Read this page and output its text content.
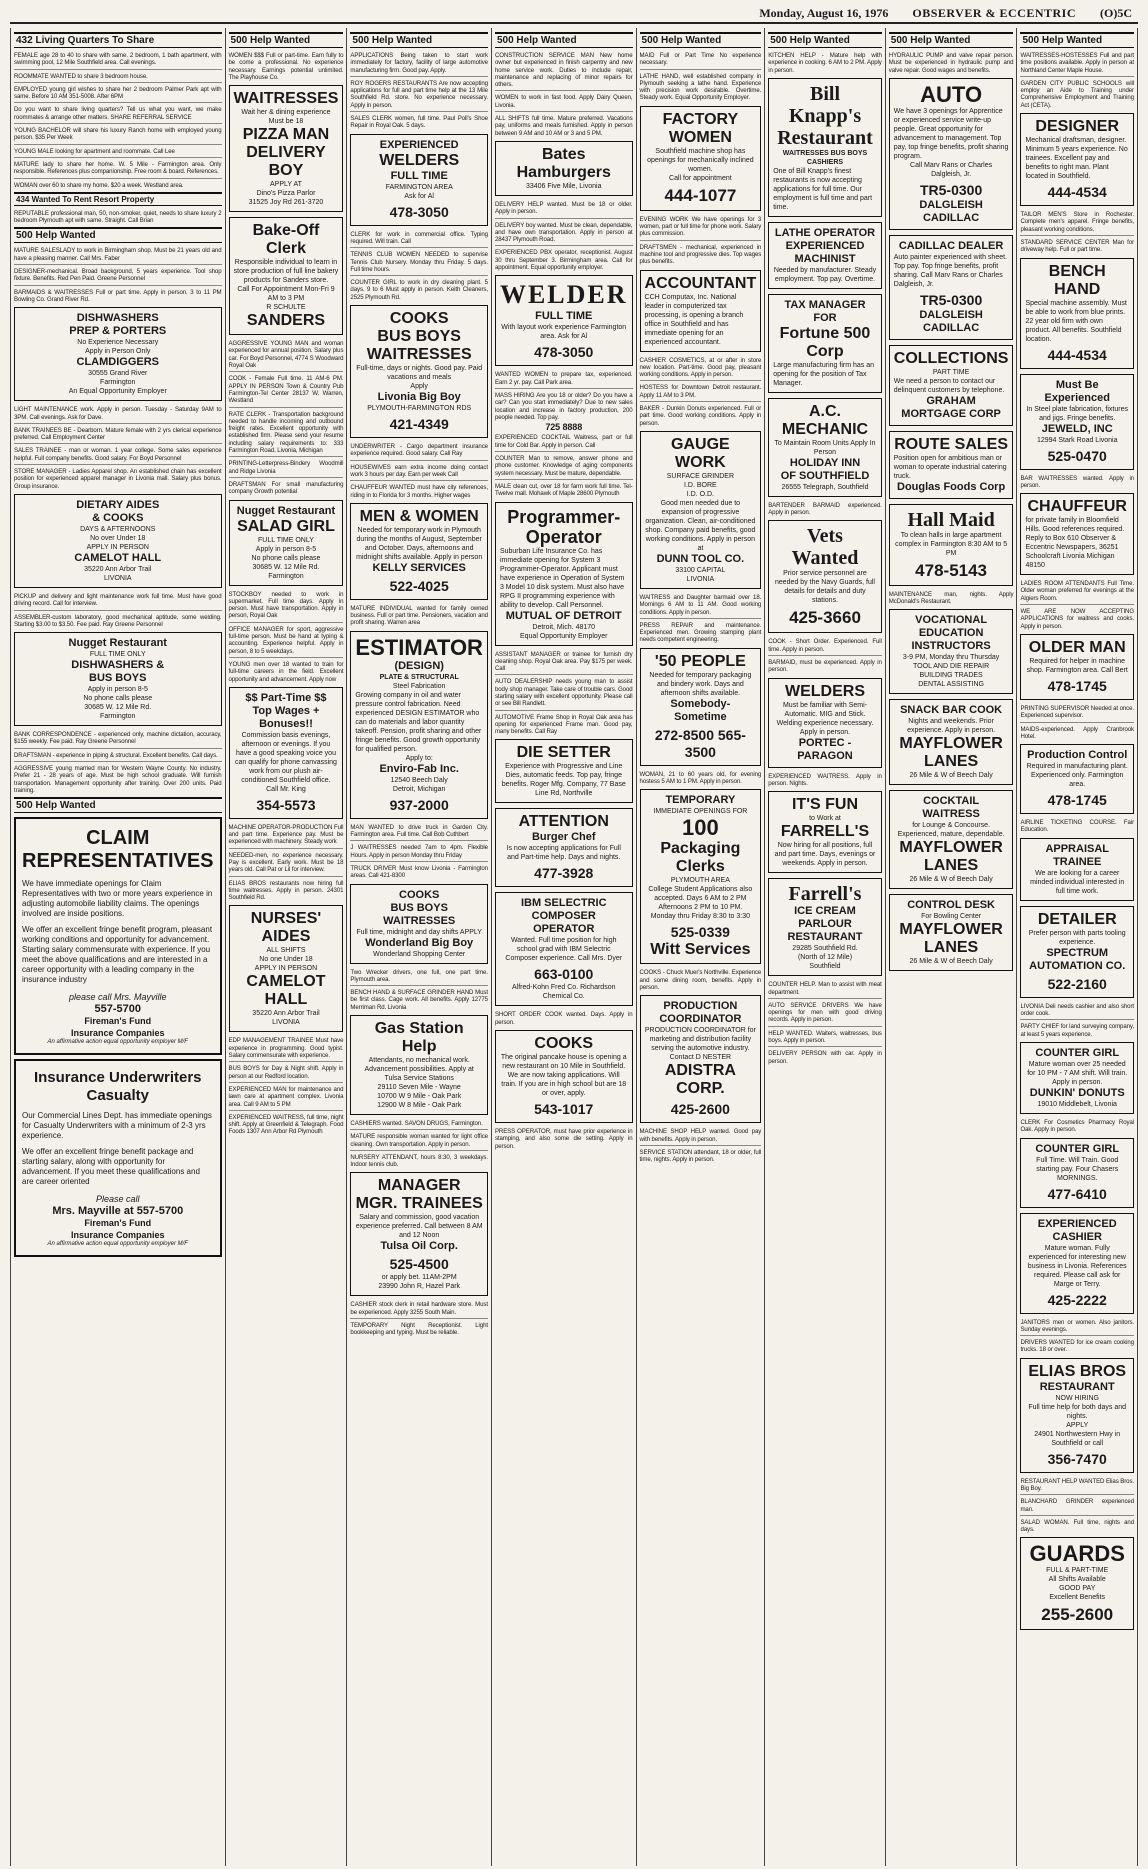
Monday, August 16, 1976 OBSERVER & ECCENTRIC (O)5C
432 Living Quarters To Share

FEMALE age 28 to 40 to share with same. 2 bedroom, 1 bath apartment, with swimming pool, 12 Mile Southfield area. Call evenings.

ROOMMATE WANTED to share 3 bedroom house.

EMPLOYED young girl wishes to share her 2 bedroom Palmer Park apt with same. Before 10 AM 351-5008. After 6PM

Do you want to share living quarters? Tell us what you want, we make roommates & arrange other matters. SHARE REFERRAL SERVICE

YOUNG BACHELOR will share his luxury Ranch home with employed young person. $35 Per Week

YOUNG MALE looking for apartment and roommate. Call Lee

MATURE lady to share her home. W. 5 Mile - Farmington area. Only responsible. References plus companionship. Free room & board. References.

WOMAN over 60 to share my home. $20 a week. Westland area.

434 Wanted To Rent Resort Property

REPUTABLE professional man, 50, non-smoker, quiet, needs to share luxury 2 bedroom Plymouth apt with same. Straight. Call Brian

500 Help Wanted

MATURE SALESLADY to work in Birmingham shop. Must be 21 years old and have a pleasing manner. Call Mrs. Faber

DESIGNER-mechanical. Broad background, 5 years experience. Tool shop fixture. Benefits. Red Pen Paid. Greene Personnel

BARMAIDS & WAITRESSES Full or part time. Apply in person. 3 to 11 PM Bowling Co. Grand River Rd.

DISHWASHERS
PREP & PORTERS
No Experience Necessary
Apply in Person Only
CLAMDIGGERS
30555 Grand River
Farmington
An Equal Opportunity Employer

LIGHT MAINTENANCE work. Apply in person. Tuesday - Saturday 9AM to 3PM. Call evenings. Ask for Dave.

BANK TRAINEES BE - Dearborn. Mature female with 2 yrs clerical experience preferred. Call Employment Center

SALES TRAINEE - man or woman. 1 year college. Some sales experience helpful. Full company benefits. Good salary. For Boyd Personnel

STORE MANAGER - Ladies Apparel shop. An established chain has excellent position for experienced apparel manager in Livonia mall. Salary plus bonus. Group insurance.

DIETARY AIDES
& COOKS
DAYS & AFTERNOONS
No over Under 18
APPLY IN PERSON
CAMELOT HALL
35220 Ann Arbor Trail
LIVONIA

PICKUP and delivery and light maintenance work full time. Must have good driving record. Call for interview.

ASSEMBLER-custom laboratory, good mechanical aptitude, some welding. Starting $3.00 to $3.50. Fee paid. Ray Greene Personnel

Nugget Restaurant
FULL TIME ONLY
DISHWASHERS &
BUS BOYS
Apply in person 8-5
No phone calls please
30685 W. 12 Mile Rd.
Farmington

BANK CORRESPONDENCE - experienced only, machine dictation, accuracy, $155 weekly. Fee paid. Ray Greene Personnel

DRAFTSMAN - experience in piping & structural. Excellent benefits. Call days.

AGGRESSIVE young married man for Western Wayne County. No industry. Prefer 21 - 28 years of age. Must be high school graduate. Will furnish transportation. Management opportunity after training. Over 200 units. Paid training.

500 Help Wanted
CLAIM
REPRESENTATIVES
We have immediate openings for Claim Representatives with two or more years experience in adjusting automobile liability claims. The openings involved are inside positions.
We offer an excellent fringe benefit program, pleasant working conditions and opportunity for advancement. Starting salary commensurate with experience. If you meet the above qualifications and are interested in a career opportunity with a leading company in the insurance industry
please call Mrs. Mayville
557-5700
Fireman's Fund
Insurance Companies
An affirmative action equal opportunity employer M/F
Insurance Underwriters
Casualty
Our Commercial Lines Dept. has immediate openings for Casualty Underwriters with a minimum of 2-3 yrs experience.
We offer an excellent fringe benefit package and starting salary, along with opportunity for advancement. If you meet these qualifications and are career oriented
Please call
Mrs. Mayville at 557-5700
Fireman's Fund
Insurance Companies
An affirmative action equal opportunity employer M/F
500 Help Wanted

WOMEN $$$ Full or part-time. Earn fully to be come a professional. No experience necessary. Earnings potential unlimited. The Playhouse Co.

WAITRESSES
Wait her & dining experience
Must be 18
PIZZA MAN
DELIVERY BOY
APPLY AT
Dino's Pizza Parlor
31525 Joy Rd 261-3720
Bake-Off Clerk
Responsible individual to learn in store production of full line bakery products for Sanders store.
Call For Appointment Mon-Fri 9 AM to 3 PM
R SCHULTE
SANDERS

AGGRESSIVE YOUNG MAN and woman experienced for annual position. Salary plus car. For Boyd Personnel, 4774 S Woodward Royal Oak

COOK - Female Full time. 11 AM-6 PM. APPLY IN PERSON Town & Country Pub Farmington-Tel Center 28137 W. Warren, Westland

RATE CLERK - Transportation background needed to handle incoming and outbound freight rates. Excellent opportunity with established firm. Please send your resume including salary requirements to: 333 Farmington Road, Livonia, Michigan

PRINTING-Letterpress-Bindery Woodmill and Ridge Livonia

DRAFTSMAN For small manufacturing company Growth potential

Nugget Restaurant
SALAD GIRL
FULL TIME ONLY
Apply in person 8-5
No phone calls please
30685 W. 12 Mile Rd.
Farmington

STOCKBOY needed to work in supermarket. Full time days. Apply in person. Must have transportation. Apply in person, Royal Oak

OFFICE MANAGER for sport, aggressive full-time person. Must be hand at typing & accounting. Experience helpful. Apply in person, 8 to 5 weekdays.

YOUNG men over 18 wanted to train for full-time careers in the field. Excellent opportunity and advancement. Apply now

$$ Part-Time $$
Top Wages + Bonuses!!
Commission basis evenings, afternoon or evenings. If you have a good speaking voice you can qualify for phone canvassing work from our plush air-conditioned Southfield office.
Call Mr. King
354-5573

MACHINE OPERATOR-PRODUCTION Full and part time. Experience pay. Must be experienced with machinery. Steady work

NEEDED-men, no experience necessary. Pay is excellent. Early work. Must be 18 years old. Call Pat or Lil for interview.

ELIAS BROS restaurants now hiring full time waitresses. Apply in person. 24301 Southfield Rd.

NURSES' AIDES
ALL SHIFTS
No one Under 18
APPLY IN PERSON
CAMELOT HALL
35220 Ann Arbor Trail
LIVONIA

EDP MANAGEMENT TRAINEE Must have experience in programming. Good typist. Salary commensurate with experience.

BUS BOYS for Day & Night shift. Apply in person at our Redford location.

EXPERIENCED MAN for maintenance and lawn care at apartment complex. Livonia area. Call 9 AM to 5 PM

EXPERIENCED WAITRESS, full time, night shift. Apply at Greenfield & Telegraph. Food Foods 1307 Ann Arbor Rd Plymouth

500 Help Wanted

APPLICATIONS Being taken to start work immediately for factory, facility of large automotive manufacturing firm. Good pay. Apply.

ROY ROGERS RESTAURANTS Are now accepting applications for full and part time help at the 13 Mile Southfield Rd. store. No experience necessary. Apply in person.

SALES CLERK women, full time. Paul Poll's Shoe Repair in Royal Oak. 5 days.

EXPERIENCED
WELDERS
FULL TIME
FARMINGTON AREA
Ask for Al
478-3050

CLERK for work in commercial office. Typing required. Will train. Call

TENNIS CLUB WOMEN NEEDED to supervise Tennis Club Nursery. Monday thru Friday. 5 days. Full time hours.

COUNTER GIRL to work in dry cleaning plant. 5 days. 9 to 6 Must apply in person. Keith Cleaners, 2525 Plymouth Rd.

COOKS
BUS BOYS
WAITRESSES
Full-time, days or nights. Good pay. Paid vacations and meals
Apply
Livonia Big Boy
PLYMOUTH-FARMINGTON RDS
421-4349

UNDERWRITER - Cargo department insurance experience required. Good salary. Call Ray

HOUSEWIVES earn extra income doing contact work 3 hours per day. Earn per week Call

CHAUFFEUR WANTED must have city references, riding in to Florida for 3 months. Higher wages

MEN & WOMEN
Needed for temporary work in Plymouth during the months of August, September and October. Days, afternoons and midnight shifts available. Apply in person
KELLY SERVICES
522-4025

MATURE INDIVIDUAL wanted for family owned business. Full or part time. Pensioners, vacation and profit sharing. Warren area

ESTIMATOR
(DESIGN)
PLATE & STRUCTURAL
Steel Fabrication
Growing company in oil and water pressure control fabrication. Need experienced DESIGN ESTIMATOR who can do materials and labor quantity takeoff. Pension, profit sharing and other fringe benefits. Good growth opportunity for qualified person.
Apply to:
Enviro-Fab Inc.
12540 Beech Daly
Detroit, Michigan
937-2000

MAN WANTED to drive truck in Garden City. Farmington area. Full time. Call Bob Cuthbert

J WAITRESSES needed 7am to 4pm. Flexible Hours. Apply in person Monday thru Friday

TRUCK DRIVER Must know Livonia - Farmington areas. Call 421-8300

COOKS
BUS BOYS
WAITRESSES
Full time, midnight and day shifts APPLY
Wonderland Big Boy
Wonderland Shopping Center

Two Wrecker drivers, one full, one part time. Plymouth area.

BENCH HAND & SURFACE GRINDER HAND Must be first class. Cage work. All benefits. Apply 12775 Merriman Rd. Livonia

Gas Station Help
Attendants, no mechanical work. Advancement possibilities. Apply at Tulsa Service Stations
29110 Seven Mile - Wayne
10700 W 9 Mile - Oak Park
12900 W 8 Mile - Oak Park

CASHIERS wanted. SAVON DRUGS, Farmington.

MATURE responsible woman wanted for light office cleaning. Own transportation. Apply in person.

NURSERY ATTENDANT, hours 8:30, 3 weekdays. Indoor tennis club.

MANAGER
MGR. TRAINEES
Salary and commission, good vacation experience preferred. Call between 8 AM and 12 Noon
Tulsa Oil Corp.
525-4500
or apply bet. 11AM-2PM
23990 John R, Hazel Park

CASHIER stock clerk in retail hardware store. Must be experienced. Apply 3255 South Main.

TEMPORARY Night Receptionist. Light bookkeeping and typing. Must be reliable.

500 Help Wanted

CONSTRUCTION SERVICE MAN New home owner but experienced in finish carpentry and new home service work. Duties to include repair, maintenance and replacing of minor repairs for others.

WOMEN to work in fast food. Apply Dairy Queen, Livonia.

ALL SHIFTS full time. Mature preferred. Vacations pay, uniforms and meals furnished. Apply in person between 9 AM and 10 AM or 3 and 5 PM.

Bates Hamburgers
33406 Five Mile, Livonia

DELIVERY HELP wanted. Must be 18 or older. Apply in person.

DELIVERY boy wanted. Must be clean, dependable, and have own transportation. Apply in person at 28437 Plymouth Road.

EXPERIENCED PBX operator, receptionist. August 30 thru September 3. Birmingham area. Call for appointment. Equal opportunity employer.

WELDER
FULL TIME
With layout work experience Farmington area. Ask for Al
478-3050

WANTED WOMEN to prepare tax, experienced. Earn 2 yr. pay. Call Park area.

MASS HIRING Are you 18 or older? Do you have a car? Can you start immediately? Due to new sales location and increase in factory production, 200 people needed. Top pay.

725 8888

EXPERIENCED COCKTAIL Waitress, part or full time for Cold Bar. Apply in person. Call

COUNTER Man to remove, answer phone and phone customer. Knowledge of aging components system necessary. Must be mature, dependable.

MALE clean cut, over 18 for farm work full time. Tel-Twelve mall. Mohawk of Maple 28600 Plymouth

Programmer-
Operator
Suburban Life Insurance Co. has immediate opening for System 3 Programmer-Operator. Applicant must have experience in Operation of System 3 Model 10 disk system. Must also have RPG II programming experience with ability to develop. Call Personnel.
MUTUAL OF DETROIT
Detroit, Mich. 48170
Equal Opportunity Employer

ASSISTANT MANAGER or trainee for furnish dry cleaning shop. Royal Oak area. Pay $175 per week. Call

AUTO DEALERSHIP needs young man to assist body shop manager. Take care of trouble cars. Good starting salary with excellent opportunity. Please call or see Bill Randlett.

AUTOMOTIVE Frame Shop in Royal Oak area has opening for experienced Frame man. Good pay, many benefits. Call Ray

DIE SETTER
Experience with Progressive and Line Dies, automatic feeds. Top pay, fringe benefits. Roger Mfg. Company, 77 Base Line Rd, Northville
ATTENTION
Burger Chef
Is now accepting applications for Full and Part-time help. Days and nights.
477-3928
IBM SELECTRIC
COMPOSER OPERATOR
Wanted. Full time position for high school grad with IBM Selectric Composer experience. Call Mrs. Dyer
663-0100
Alfred-Kohn Fred Co. Richardson Chemical Co.

SHORT ORDER COOK wanted. Days. Apply in person.

COOKS
The original pancake house is opening a new restaurant on 10 Mile in Southfield. We are now taking applications. Will train. If you are in high school but are 18 or over, apply.
543-1017

PRESS OPERATOR, must have prior experience in stamping, and also some die setting. Apply in person.

500 Help Wanted

MAID Full or Part Time No experience necessary.

LATHE HAND, well established company in Plymouth seeking a lathe hand. Experience with precision work desirable. Overtime. Steady work. Equal Opportunity Employer.

FACTORY
WOMEN
Southfield machine shop has openings for mechanically inclined women.
Call for appointment
444-1077

EVENING WORK We have openings for 3 women, part or full time for phone work. Salary plus commission.

DRAFTSMEN - mechanical, experienced in machine tool and progressive dies. Top wages plus benefits.

ACCOUNTANT
CCH Computax, Inc. National leader in computerized tax processing, is opening a branch office in Southfield and has immediate opening for an experienced accountant.

CASHIER COSMETICS, at or after in store new location. Part-time. Good pay, pleasant working conditions. Apply in person.

HOSTESS for Downtown Detroit restaurant. Apply 11 AM to 3 PM.

BAKER - Dunkin Donuts experienced. Full or part time. Good working conditions. Apply in person.

GAUGE WORK
SURFACE GRINDER
I.D. BORE
I.D. O.D.
Good men needed due to expansion of progressive organization. Clean, air-conditioned shop. Company paid benefits, good working conditions. Apply in person at
DUNN TOOL CO.
33100 CAPITAL
LIVONIA

WAITRESS and Daughter barmaid over 18. Mornings 6 AM to 11 AM. Good working conditions. Apply in person.

PRESS REPAIR and maintenance. Experienced men. Growing stamping plant needs competent engineering.

'50 PEOPLE
Needed for temporary packaging and bindery work. Days and afternoon shifts available.
Somebody-Sometime
272-8500 565-3500

WOMAN, 21 to 60 years old, for evening hostess 5 AM to 1 PM. Apply in person.

TEMPORARY
IMMEDIATE OPENINGS FOR
100
Packaging Clerks
PLYMOUTH AREA
College Student Applications also accepted. Days 6 AM to 2 PM Afternoons 2 PM to 10 PM.
Monday thru Friday 8:30 to 3:30
525-0339
Witt Services

COOKS - Chuck Muer's Northville. Experience and some dining room, benefits. Apply in person.

PRODUCTION
COORDINATOR
PRODUCTION COORDINATOR for marketing and distribution facility serving the automotive industry.
Contact D NESTER
ADISTRA CORP.
425-2600

MACHINE SHOP HELP wanted. Good pay with benefits. Apply in person.

SERVICE STATION attendant, 18 or older, full time, nights. Apply in person.

500 Help Wanted

KITCHEN HELP - Mature help with experience in cooking. 6 AM to 2 PM. Apply in person.

Bill Knapp's
Restaurant
WAITRESSES BUS BOYS CASHIERS
One of Bill Knapp's finest restaurants is now accepting applications for full time. Our employment is full time and part time.
LATHE OPERATOR
EXPERIENCED MACHINIST
Needed by manufacturer. Steady employment. Top pay. Overtime.
TAX MANAGER FOR
Fortune 500 Corp
Large manufacturing firm has an opening for the position of Tax Manager.
A.C. MECHANIC
To Maintain Room Units Apply In Person
HOLIDAY INN
OF SOUTHFIELD
26555 Telegraph, Southfield

BARTENDER BARMAID experienced. Apply in person.

Vets Wanted
Prior service personnel are needed by the Navy Guards, full details for details and duty stations.
425-3660

COOK - Short Order. Experienced. Full time. Apply in person.

BARMAID, must be experienced. Apply in person.

WELDERS
Must be familiar with Semi-Automatic. MIG and Stick. Welding experience necessary. Apply in person.
PORTEC - PARAGON

EXPERIENCED WAITRESS. Apply in person. Nights.

IT'S FUN
to Work at
FARRELL'S
Now hiring for all positions, full and part time. Days, evenings or weekends. Apply in person.
Farrell's
ICE CREAM
PARLOUR
RESTAURANT
29285 Southfield Rd.
(North of 12 Mile)
Southfield

COUNTER HELP. Man to assist with meat department.

AUTO SERVICE DRIVERS We have openings for men with good driving records. Apply in person.

HELP WANTED. Waiters, waitresses, bus boys. Apply in person.

DELIVERY PERSON with car. Apply in person.

500 Help Wanted

HYDRAULIC PUMP and valve repair person. Must be experienced in hydraulic pump and valve repair. Good wages and benefits.

AUTO
We have 3 openings for Apprentice or experienced service write-up people. Great opportunity for advancement to management. Top pay, top fringe benefits, profit sharing program.
Call Marv Rans or Charles Dalgleish, Jr.
TR5-0300
DALGLEISH CADILLAC
CADILLAC DEALER
Auto painter experienced with sheet. Top pay. Top fringe benefits, profit sharing. Call Marv Rans or Charles Dalgleish, Jr.
TR5-0300
DALGLEISH CADILLAC
COLLECTIONS
PART TIME
We need a person to contact our delinquent customers by telephone.
GRAHAM MORTGAGE CORP
ROUTE SALES
Position open for ambitious man or woman to operate industrial catering truck.
Douglas Foods Corp
Hall Maid
To clean halls in large apartment complex in Farmington 8:30 AM to 5 PM
478-5143

MAINTENANCE man, nights. Apply McDonald's Restaurant.

VOCATIONAL EDUCATION
INSTRUCTORS
3-9 PM, Monday thru Thursday
TOOL AND DIE REPAIR
BUILDING TRADES
DENTAL ASSISTING
SNACK BAR COOK
Nights and weekends. Prior experience. Apply in person.
MAYFLOWER LANES
26 Mile & W of Beech Daly
COCKTAIL
WAITRESS
for Lounge & Concourse. Experienced, mature, dependable.
MAYFLOWER LANES
26 Mile & W of Beech Daly
CONTROL DESK
For Bowling Center
MAYFLOWER LANES
26 Mile & W of Beech Daly
500 Help Wanted

WAITRESSES-HOSTESSES Full and part time positions available. Apply in person at Northland Center Maple House.

GARDEN CITY PUBLIC SCHOOLS will employ an Aide to Training under Comprehensive Employment and Training Act (CETA).

DESIGNER
Mechanical draftsman, designer. Minimum 5 years experience. No trainees. Excellent pay and benefits to right man. Plant located in Southfield.
444-4534

TAILOR MEN'S Store in Rochester. Complete men's apparel. Fringe benefits, pleasant working conditions.

STANDARD SERVICE CENTER Man for driveway help. Full or part time.

BENCH HAND
Special machine assembly. Must be able to work from blue prints. 22 year old firm with own product. All benefits. Southfield location.
444-4534
Must Be Experienced
In Steel plate fabrication, fixtures and jigs. Fringe benefits.
JEWELD, INC
12994 Stark Road Livonia
525-0470

BAR WAITRESSES wanted. Apply in person.

CHAUFFEUR
for private family in Bloomfield Hills. Good references required. Reply to Box 610 Observer & Eccentric Newspapers, 36251 Schoolcraft Livonia Michigan 48150

LADIES ROOM ATTENDANTS Full Time. Older woman preferred for evenings at the Algiers Room.

WE ARE NOW ACCEPTING APPLICATIONS for waitress and cooks. Apply in person.

OLDER MAN
Required for helper in machine shop. Farmington area. Call Bert
478-1745

PRINTING SUPERVISOR Needed at once. Experienced supervisor.

MAIDS-experienced. Apply Cranbrook Hotel.

Production Control
Required in manufacturing plant. Experienced only. Farmington area.
478-1745

AIRLINE TICKETING COURSE. Fair Education.

APPRAISAL TRAINEE
We are looking for a career minded individual interested in full time work.
DETAILER
Prefer person with parts tooling experience.
SPECTRUM
AUTOMATION CO.
522-2160

LIVONIA Deli needs cashier and also short order cook.

PARTY CHIEF for land surveying company, at least 5 years experience.

COUNTER GIRL
Mature woman over 25 needed for 10 PM - 7 AM shift. Will train. Apply in person.
DUNKIN' DONUTS
19010 Middlebelt, Livonia

CLERK For Cosmetics Pharmacy Royal Oak. Apply in person.

COUNTER GIRL
Full Time. Will Train. Good starting pay. Four Chasers MORNINGS.
477-6410
EXPERIENCED CASHIER
Mature woman. Fully experienced for interesting new business in Livonia. References required. Please call ask for Marge or Terry.
425-2222

JANITORS men or women. Also janitors. Sunday evenings.

DRIVERS WANTED for ice cream cooking trucks. 18 or over.

ELIAS BROS
RESTAURANT
NOW HIRING
Full time help for both days and nights.
APPLY
24901 Northwestern Hwy in Southfield or call
356-7470

RESTAURANT HELP WANTED Elias Bros. Big Boy.

BLANCHARD GRINDER experienced man.

SALAD WOMAN. Full time, nights and days.

GUARDS
FULL & PART-TIME
All Shifts Available
GOOD PAY
Excellent Benefits
255-2600
